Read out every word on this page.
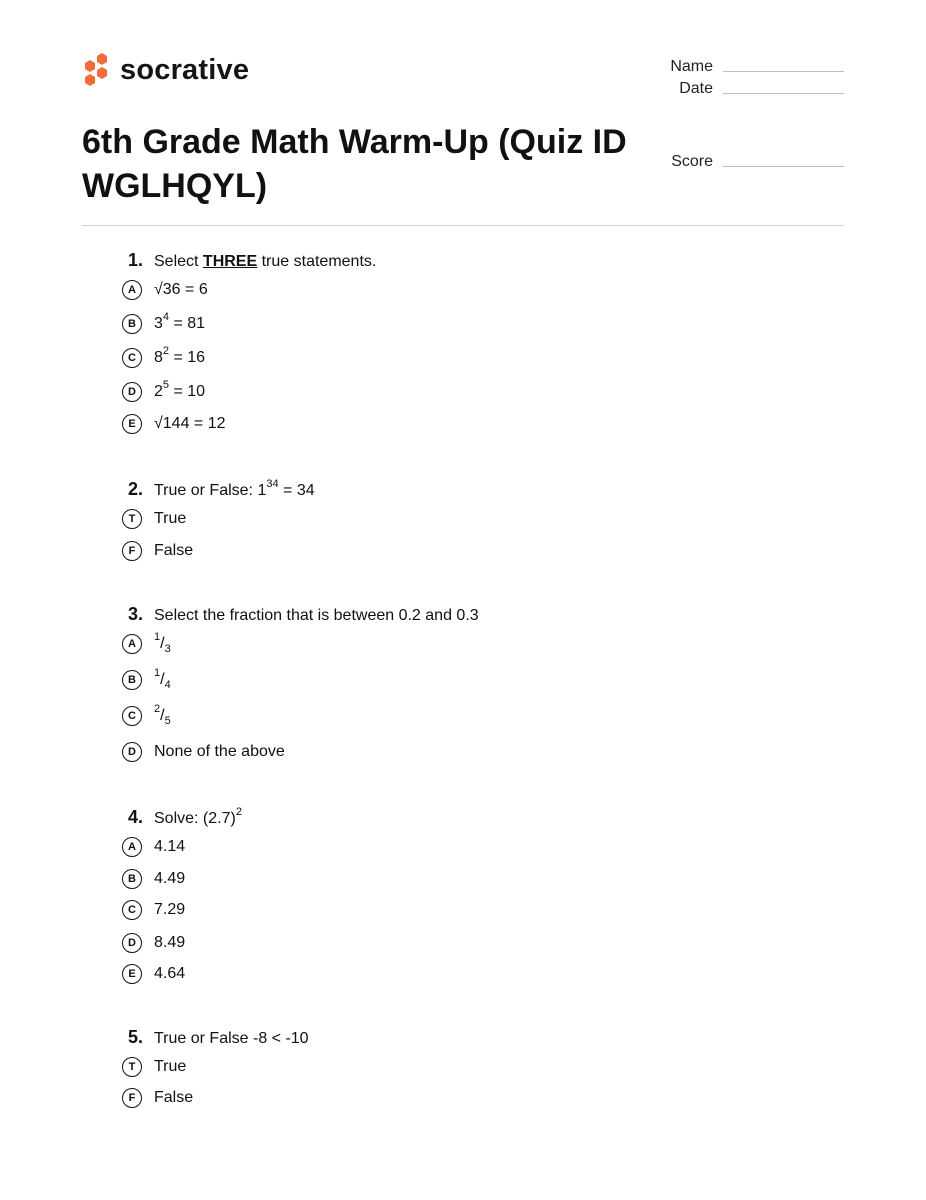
socrative	Name
Date
Score
6th Grade Math Warm-Up (Quiz ID WGLHQYL)
1. Select THREE true statements.
A	√36 = 6
B	$3^4 = 81$
C	$8^2 = 16$
D	$2^5 = 10$
E	√144 = 12
2. True or False: $1^{34} = 34$
T	True
F	False
3. Select the fraction that is between 0.2 and 0.3
A
$^1/_3$
B
$^1/_4$
C
$^2/_5$
D	None of the above
4. Solve: $(2.7)^2$
A	4.14
B	4.49
C	7.29
D	8.49
E	4.64
5. True or False -8 < -10
T	True
F	False
